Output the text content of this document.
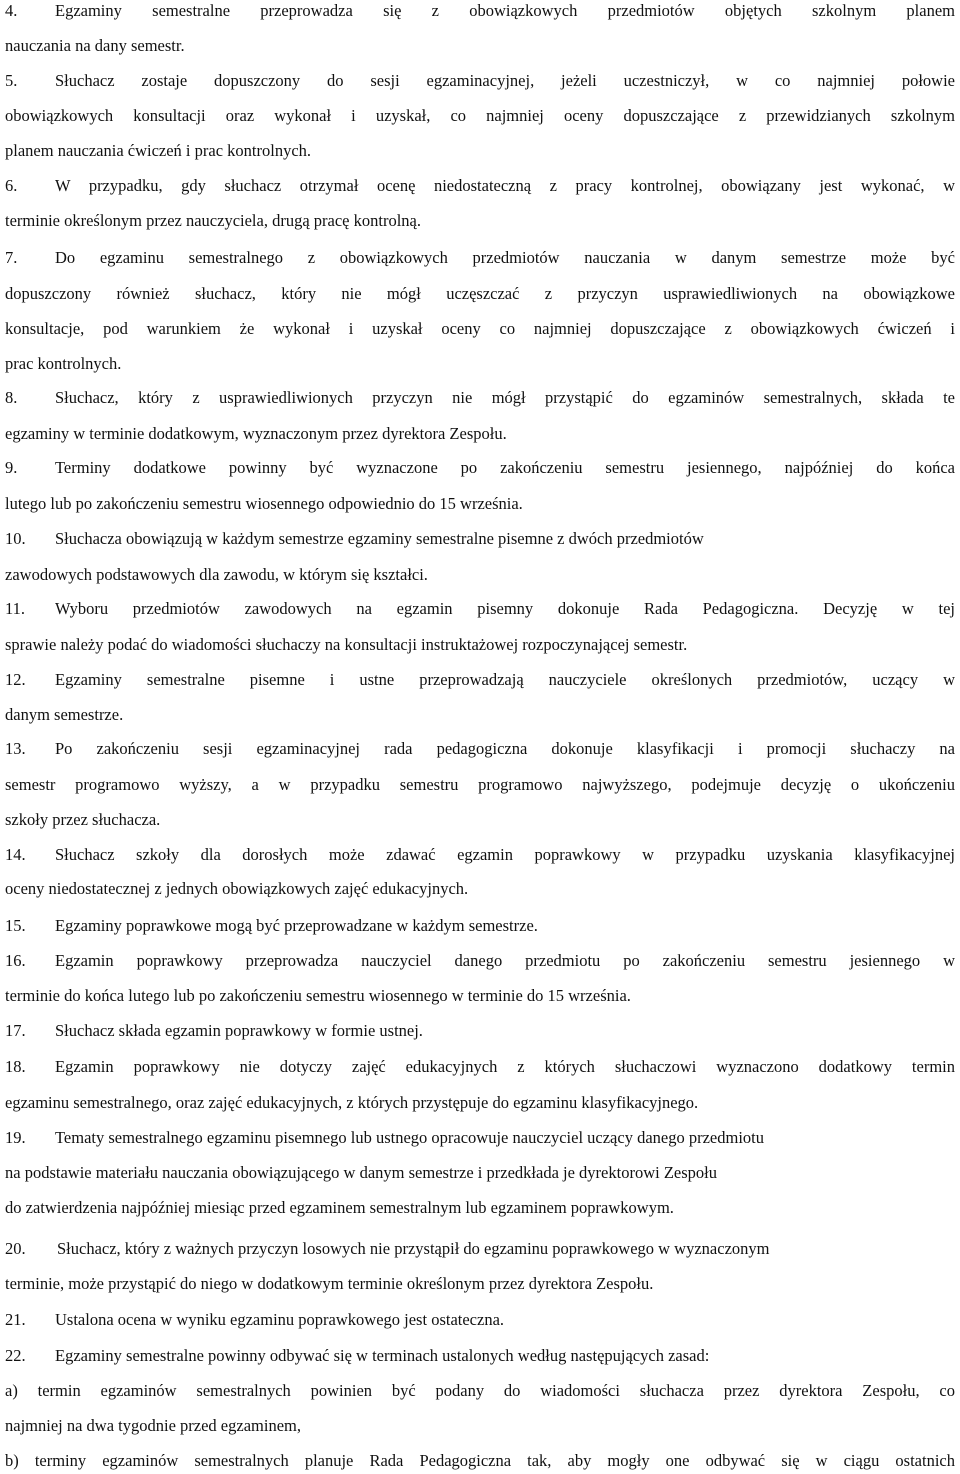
4. Egzaminy semestralne przeprowadza się z obowiązkowych przedmiotów objętych szkolnym planem
nauczania na dany semestr.
5. Słuchacz zostaje dopuszczony do sesji egzaminacyjnej, jeżeli uczestniczył, w co najmniej połowie
obowiązkowych konsultacji oraz wykonał i uzyskał, co najmniej oceny dopuszczające z przewidzianych szkolnym
planem nauczania ćwiczeń i prac kontrolnych.
6. W przypadku, gdy słuchacz otrzymał ocenę niedostateczną z pracy kontrolnej, obowiązany jest wykonać, w
terminie określonym przez nauczyciela, drugą pracę kontrolną.
7. Do egzaminu semestralnego z obowiązkowych przedmiotów nauczania w danym semestrze może być
dopuszczony również słuchacz, który nie mógł uczęszczać z przyczyn usprawiedliwionych na obowiązkowe
konsultacje, pod warunkiem że wykonał i uzyskał oceny co najmniej dopuszczające z obowiązkowych ćwiczeń i
prac kontrolnych.
8. Słuchacz, który z usprawiedliwionych przyczyn nie mógł przystąpić do egzaminów semestralnych, składa te
egzaminy w terminie dodatkowym, wyznaczonym przez dyrektora Zespołu.
9. Terminy dodatkowe powinny być wyznaczone po zakończeniu semestru jesiennego, najpóźniej do końca
lutego lub po zakończeniu semestru wiosennego odpowiednio do 15 września.
10. Słuchacza obowiązują w każdym semestrze egzaminy semestralne pisemne z dwóch przedmiotów
zawodowych podstawowych dla zawodu, w którym się kształci.
11. Wyboru przedmiotów zawodowych na egzamin pisemny dokonuje Rada Pedagogiczna. Decyzję w tej
sprawie należy podać do wiadomości słuchaczy na konsultacji instruktażowej rozpoczynającej semestr.
12. Egzaminy semestralne pisemne i ustne przeprowadzają nauczyciele określonych przedmiotów, uczący w
danym semestrze.
13. Po zakończeniu sesji egzaminacyjnej rada pedagogiczna dokonuje klasyfikacji i promocji słuchaczy na
semestr programowo wyższy, a w przypadku semestru programowo najwyższego, podejmuje decyzję o ukończeniu
szkoły przez słuchacza.
14. Słuchacz szkoły dla dorosłych może zdawać egzamin poprawkowy w przypadku uzyskania klasyfikacyjnej
oceny niedostatecznej z jednych obowiązkowych zajęć edukacyjnych.
15. Egzaminy poprawkowe mogą być przeprowadzane w każdym semestrze.
16. Egzamin poprawkowy przeprowadza nauczyciel danego przedmiotu po zakończeniu semestru jesiennego w
terminie do końca lutego lub po zakończeniu semestru wiosennego w terminie do 15 września.
17. Słuchacz składa egzamin poprawkowy w formie ustnej.
18. Egzamin poprawkowy nie dotyczy zajęć edukacyjnych z których słuchaczowi wyznaczono dodatkowy termin
egzaminu semestralnego, oraz zajęć edukacyjnych, z których przystępuje do egzaminu klasyfikacyjnego.
19. Tematy semestralnego egzaminu pisemnego lub ustnego opracowuje nauczyciel uczący danego przedmiotu
na podstawie materiału nauczania obowiązującego w danym semestrze i przedkłada je dyrektorowi Zespołu
do zatwierdzenia najpóźniej miesiąc przed egzaminem semestralnym lub egzaminem poprawkowym.
20. Słuchacz, który z ważnych przyczyn losowych nie przystąpił do egzaminu poprawkowego w wyznaczonym
terminie, może przystąpić do niego w dodatkowym terminie określonym przez dyrektora Zespołu.
21. Ustalona ocena w wyniku egzaminu poprawkowego jest ostateczna.
22. Egzaminy semestralne powinny odbywać się w terminach ustalonych według następujących zasad:
a) termin egzaminów semestralnych powinien być podany do wiadomości słuchacza przez dyrektora Zespołu, co
najmniej na dwa tygodnie przed egzaminem,
b) terminy egzaminów semestralnych planuje Rada Pedagogiczna tak, aby mogły one odbywać się w ciągu ostatnich
